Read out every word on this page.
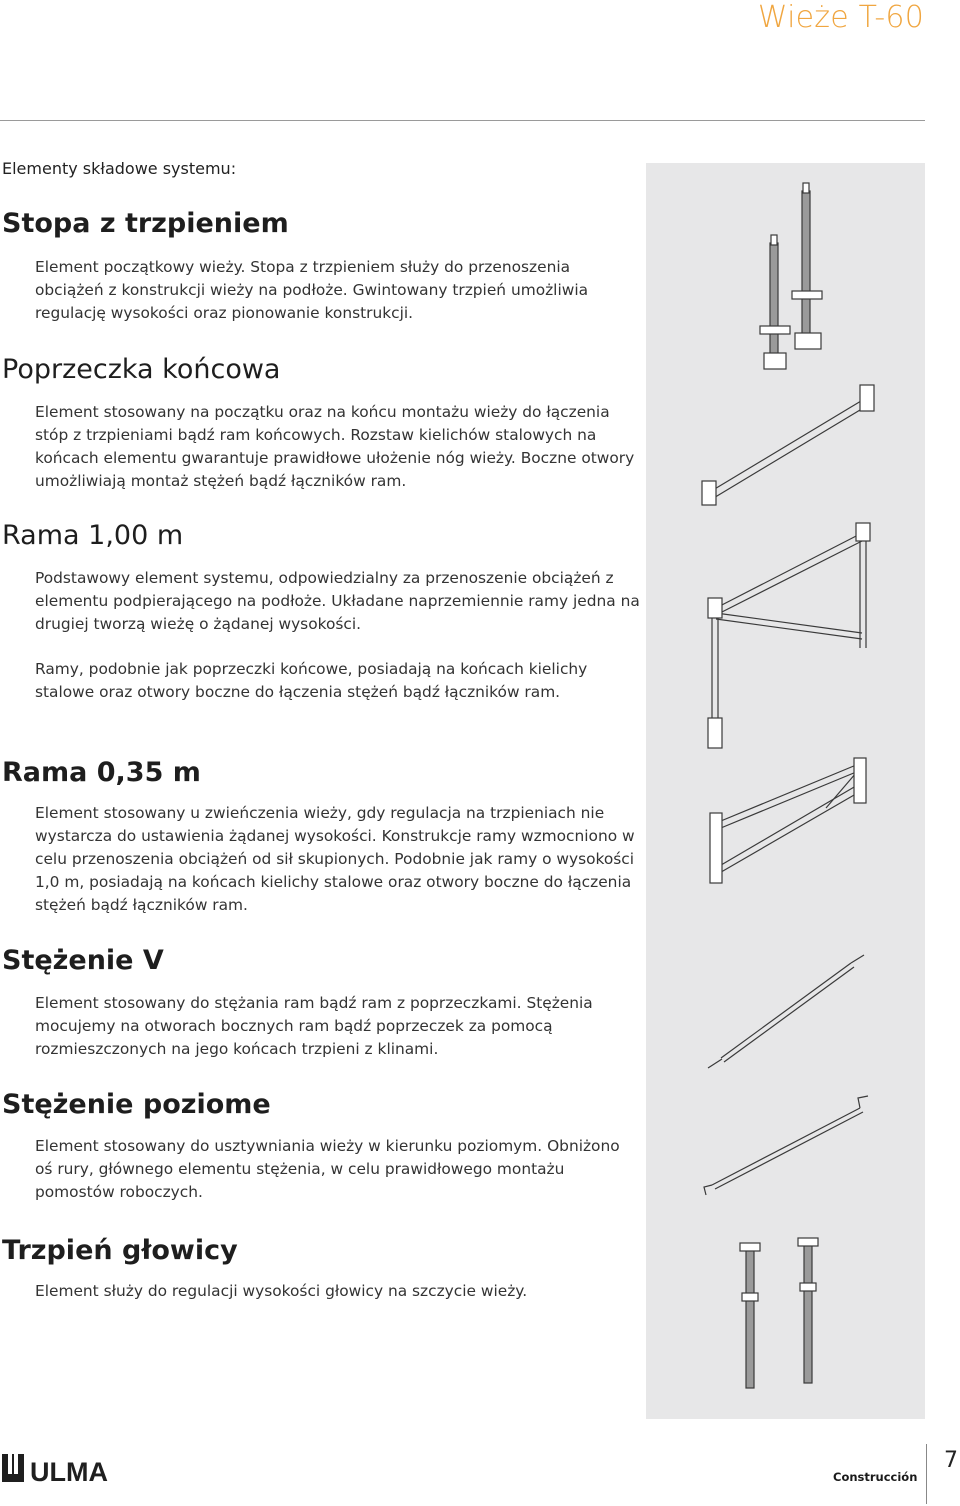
Wieże T-60
Elementy składowe systemu:
Stopa z trzpieniem

Element początkowy wieży. Stopa z trzpieniem służy do przenoszenia obciążeń z konstrukcji wieży na podłoże. Gwintowany trzpień umożliwia regulację wysokości oraz pionowanie konstrukcji.

Poprzeczka końcowa

Element stosowany na początku oraz na końcu montażu wieży do łączenia stóp z trzpieniami bądź ram końcowych. Rozstaw kielichów stalowych na końcach elementu gwarantuje prawidłowe ułożenie nóg wieży. Boczne otwory umożliwiają montaż stężeń bądź łączników ram.

Rama 1,00 m

Podstawowy element systemu, odpowiedzialny za przenoszenie obciążeń z elementu podpierającego na podłoże. Układane naprzemiennie ramy jedna na drugiej tworzą wieżę o żądanej wysokości.

Ramy, podobnie jak poprzeczki końcowe, posiadają na końcach kielichy stalowe oraz otwory boczne do łączenia stężeń bądź łączników ram.

Rama 0,35 m

Element stosowany u zwieńczenia wieży, gdy regulacja na trzpieniach nie wystarcza do ustawienia żądanej wysokości. Konstrukcje ramy wzmocniono w celu przenoszenia obciążeń od sił skupionych. Podobnie jak ramy o wysokości 1,0 m, posiadają na końcach kielichy stalowe oraz otwory boczne do łączenia stężeń bądź łączników ram.

Stężenie V

Element stosowany do stężania ram bądź ram z poprzeczkami. Stężenia mocujemy na otworach bocznych ram bądź poprzeczek za pomocą rozmieszczonych na jego końcach trzpieni z klinami.

Stężenie poziome

Element stosowany do usztywniania wieży w kierunku poziomym. Obniżono oś rury, głównego elementu stężenia, w celu prawidłowego montażu pomostów roboczych.

Trzpień głowicy

Element służy do regulacji wysokości głowicy na szczycie wieży.

ULMA	Construcción
7
